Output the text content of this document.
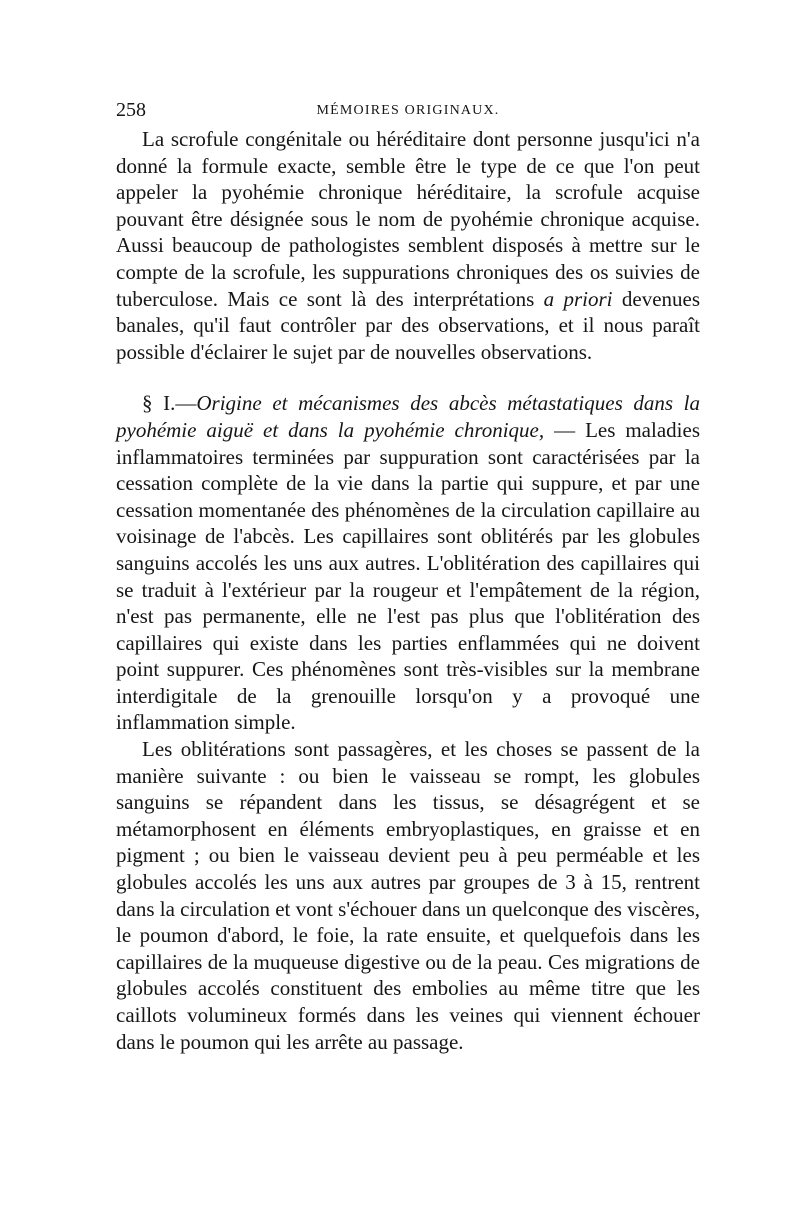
258	MÉMOIRES ORIGINAUX.

La scrofule congénitale ou héréditaire dont personne jusqu'ici n'a donné la formule exacte, semble être le type de ce que l'on peut appeler la pyohémie chronique héréditaire, la scrofule acquise pouvant être désignée sous le nom de pyohémie chronique acquise. Aussi beaucoup de pathologistes semblent disposés à mettre sur le compte de la scrofule, les suppurations chroniques des os suivies de tuberculose. Mais ce sont là des interprétations a priori devenues banales, qu'il faut contrôler par des observations, et il nous paraît possible d'éclairer le sujet par de nouvelles observations.

§ I.—Origine et mécanismes des abcès métastatiques dans la pyohémie aiguë et dans la pyohémie chronique, — Les maladies inflammatoires terminées par suppuration sont caractérisées par la cessation complète de la vie dans la partie qui suppure, et par une cessation momentanée des phénomènes de la circulation capillaire au voisinage de l'abcès. Les capillaires sont oblitérés par les globules sanguins accolés les uns aux autres. L'oblitération des capillaires qui se traduit à l'extérieur par la rougeur et l'empâtement de la région, n'est pas permanente, elle ne l'est pas plus que l'oblitération des capillaires qui existe dans les parties enflammées qui ne doivent point suppurer. Ces phénomènes sont très-visibles sur la membrane interdigitale de la grenouille lorsqu'on y a provoqué une inflammation simple.

Les oblitérations sont passagères, et les choses se passent de la manière suivante : ou bien le vaisseau se rompt, les globules sanguins se répandent dans les tissus, se désagrégent et se métamorphosent en éléments embryoplastiques, en graisse et en pigment ; ou bien le vaisseau devient peu à peu perméable et les globules accolés les uns aux autres par groupes de 3 à 15, rentrent dans la circulation et vont s'échouer dans un quelconque des viscères, le poumon d'abord, le foie, la rate ensuite, et quelquefois dans les capillaires de la muqueuse digestive ou de la peau. Ces migrations de globules accolés constituent des embolies au même titre que les caillots volumineux formés dans les veines qui viennent échouer dans le poumon qui les arrête au passage.
